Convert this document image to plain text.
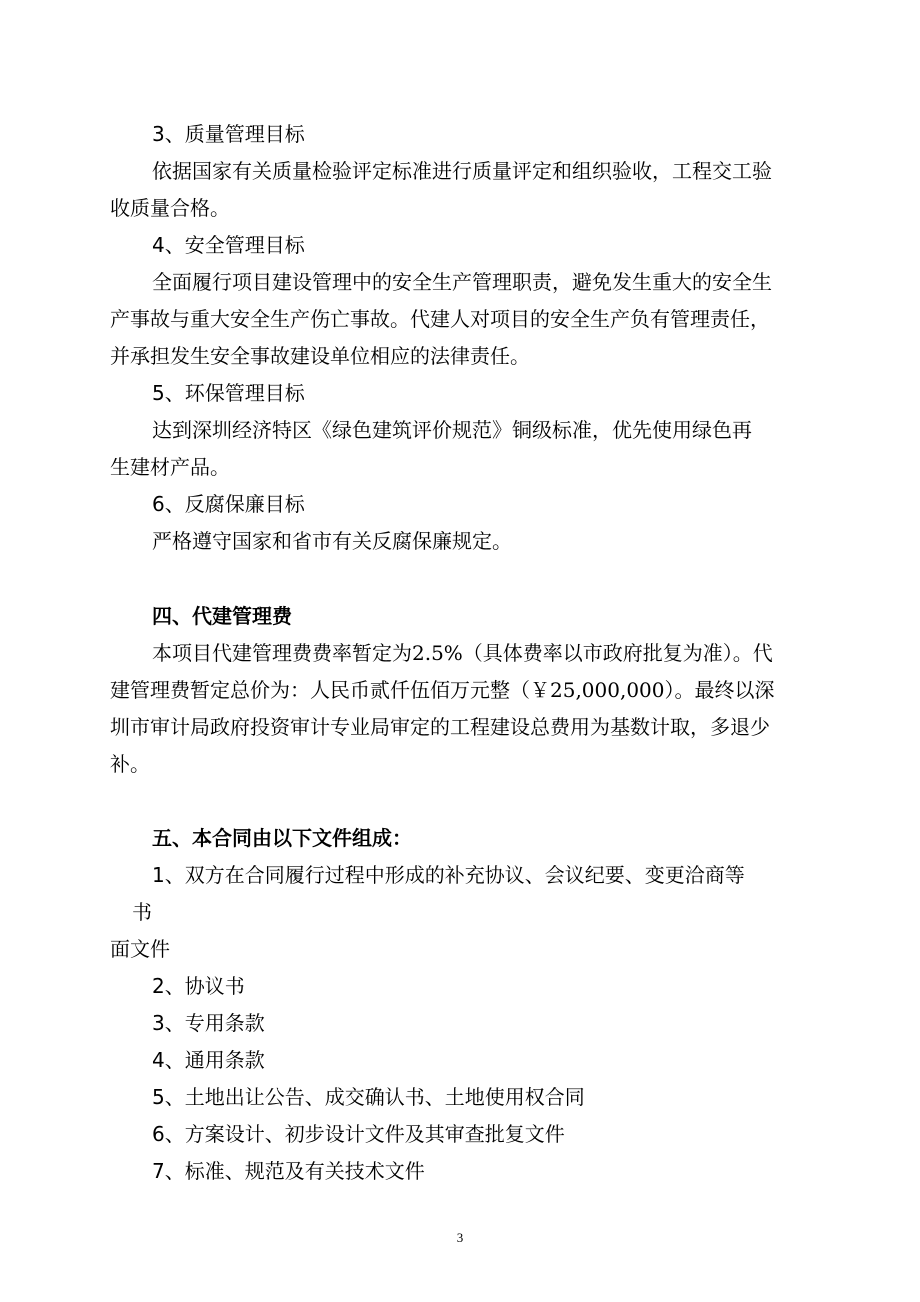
3、质量管理目标
依据国家有关质量检验评定标准进行质量评定和组织验收，工程交工验
收质量合格。
4、安全管理目标
全面履行项目建设管理中的安全生产管理职责，避免发生重大的安全生
产事故与重大安全生产伤亡事故。代建人对项目的安全生产负有管理责任，
并承担发生安全事故建设单位相应的法律责任。
5、环保管理目标
达到深圳经济特区《绿色建筑评价规范》铜级标准，优先使用绿色再
生建材产品。
6、反腐保廉目标
严格遵守国家和省市有关反腐保廉规定。
四、代建管理费
本项目代建管理费费率暂定为2.5%（具体费率以市政府批复为准）。代
建管理费暂定总价为：人民币贰仟伍佰万元整（￥25,000,000）。最终以深
圳市审计局政府投资审计专业局审定的工程建设总费用为基数计取，多退少
补。
五、本合同由以下文件组成：
1、双方在合同履行过程中形成的补充协议、会议纪要、变更洽商等
书
面文件
2、协议书
3、专用条款
4、通用条款
5、土地出让公告、成交确认书、土地使用权合同
6、方案设计、初步设计文件及其审查批复文件
7、标准、规范及有关技术文件
3
